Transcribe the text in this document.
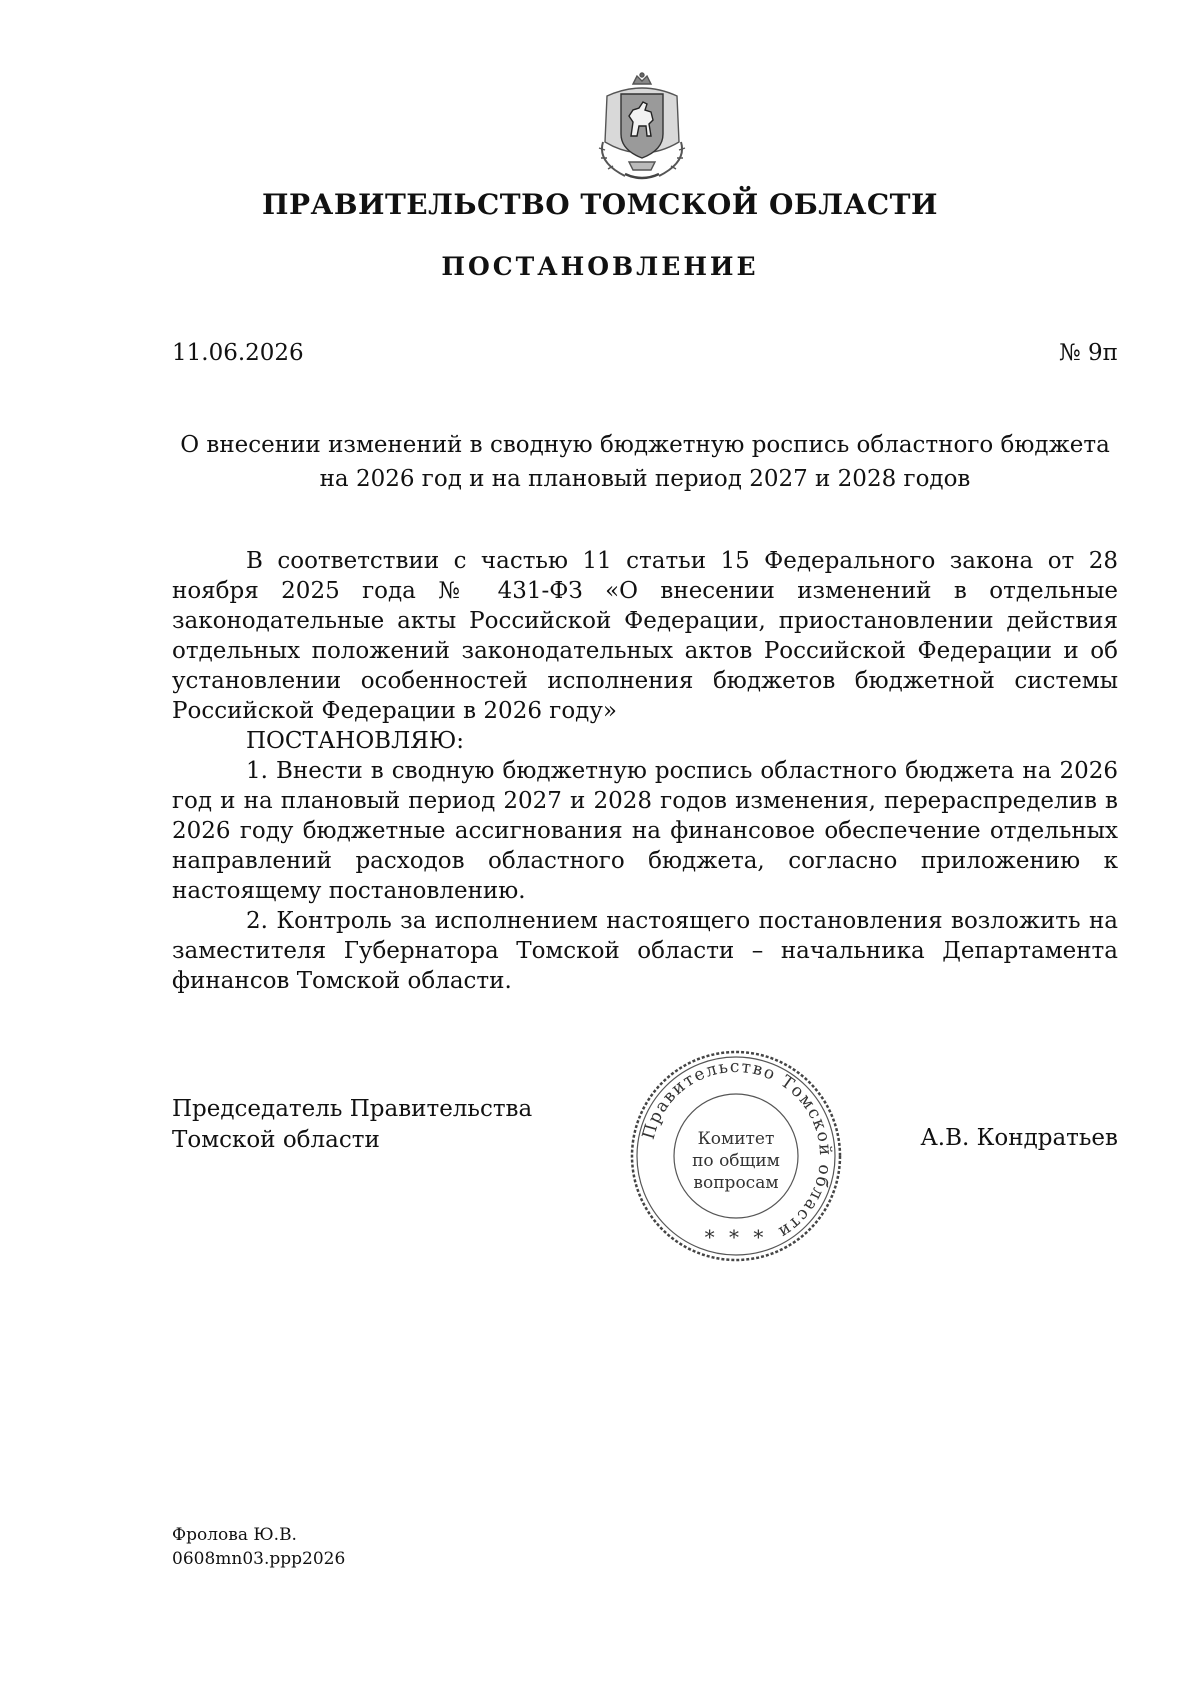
ПРАВИТЕЛЬСТВО ТОМСКОЙ ОБЛАСТИ
ПОСТАНОВЛЕНИЕ
11.06.2026	№ 9п
О внесении изменений в сводную бюджетную роспись областного бюджета
на 2026 год и на плановый период 2027 и 2028 годов

В соответствии с частью 11 статьи 15 Федерального закона от 28 ноября 2025 года № 431-ФЗ «О внесении изменений в отдельные законодательные акты Российской Федерации, приостановлении действия отдельных положений законодательных актов Российской Федерации и об установлении особенностей исполнения бюджетов бюджетной системы Российской Федерации в 2026 году»

ПОСТАНОВЛЯЮ:

1. Внести в сводную бюджетную роспись областного бюджета на 2026 год и на плановый период 2027 и 2028 годов изменения, перераспределив в 2026 году бюджетные ассигнования на финансовое обеспечение отдельных направлений расходов областного бюджета, согласно приложению к настоящему постановлению.

2. Контроль за исполнением настоящего постановления возложить на заместителя Губернатора Томской области – начальника Департамента финансов Томской области.

Председатель Правительства
Томской области	А.В. Кондратьев
Правительство Томской области
Комитет
по общим
вопросам
* * *
Фролова Ю.В.
0608mn03.ppp2026
